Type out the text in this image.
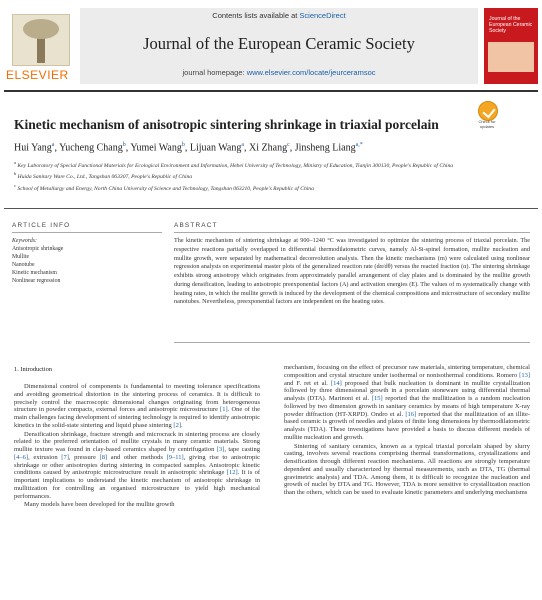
ELSEVIER
Contents lists available at ScienceDirect
Journal of the European Ceramic Society
journal homepage: www.elsevier.com/locate/jeurceramsoc
Journal of the European Ceramic Society
Kinetic mechanism of anisotropic sintering shrinkage in triaxial porcelain	Check for
updates
Hui Yang$^a$, Yucheng Chang$^b$, Yumei Wang$^b$, Lijuan Wang$^a$, Xi Zhang$^c$, Jinsheng Liang$^{a,*}$
$^a$ Key Laboratory of Special Functional Materials for Ecological Environment and Information, Hebei University of Technology, Ministry of Education, Tianjin 300130, People's Republic of China
$^b$ Huida Sanitary Ware Co., Ltd., Tangshan 063307, People's Republic of China
$^c$ School of Metallurgy and Energy, North China University of Science and Technology, Tangshan 063210, People's Republic of China
ARTICLE INFO	ABSTRACT
Keywords:
Anisotropic shrinkage
Mullite
Nanotube
Kinetic mechanism
Nonlinear regression
The kinetic mechanism of sintering shrinkage at 900–1240 °C was investigated to optimize the sintering process of triaxial porcelain. The respective reactions partially overlapped in differential thermodilatometric curves, namely Al-Si-spinel formation, mullite nucleation and mullite growth, were separated by mathematical deconvolution analysis. Then the kinetic mechanisms (m) were calculated using nonlinear regression analysis on experimental master plots of the generalized reaction rate (dα/dθ) versus the reacted fraction (α). The sintering shrinkage exhibits strong anisotropy which originates from approximately parallel arrangement of clay plates and is dominated by the mullite growth during densification, leading to anisotropic preexponential factors (A) and activation energies (E). The values of m systematically change with heating rates, in which the mullite growth is induced by the development of the chemical compositions and microstructure of secondary mullite nanotubes. Nevertheless, preexponential factors are independent on the heating rates.
1. Introduction

Dimensional control of components is fundamental to meeting tolerance specifications and avoiding geometrical distortion in the sintering process of ceramics. It is difficult to precisely control the macroscopic dimensional changes originating from heterogeneous structure in powder compacts, external forces and anisotropic microstructure [1]. One of the main challenges facing development of sintering technology is required to identify anisotropic kinetics in the solid-state sintering and liquid phase sintering [2].

Densification shrinkage, fracture strength and microcrack in sintering process are closely related to the preferred orientation of mullite crystals in many ceramic materials. Strong mullite texture was found in clay-based ceramics shaped by centrifugation [3], tape casting [4–6], extrusion [7], pressure [8] and other methods [9–11], giving rise to anisotropic shrinkage or other anisotropies during sintering in compacted samples. Anisotropic kinetic conditions caused by anisotropic microstructure result in anisotropic shrinkage [12]. It is of important implications to understand the kinetic mechanism of anisotropic shrinkage in mullitization for controlling an organised microstructure to yield high mechanical performances.

Many models have been developed for the mullite growth

mechanism, focusing on the effect of precursor raw materials, sintering temperature, chemical composition and crystal structure under isothermal or nonisothermal conditions. Romero [13] and F. ret et al. [14] proposed that bulk nucleation is dominant in mullite crystallization followed by three dimensional growth in a porcelain stoneware using differential thermal analysis (DTA). Marinoni et al. [15] reported that the mullitization is a random nucleation followed by two dimension growth in sanitary ceramics by means of high temperature X-ray powder diffraction (HT-XRPD). Ondro et al. [16] reported that the mullitization of an illite-based ceramic is growth of needles and plates of finite long dimensions by thermodilatometric analysis (TDA). These investigations have provided a basis to discuss different models of mullite nucleation and growth.

Sintering of sanitary ceramics, known as a typical triaxial porcelain shaped by slurry casting, involves several reactions comprising thermal transformations, crystallizations and densification through different reaction mechanisms. All reactions are strongly temperature dependent and usually characterized by thermal measurements, such as DTA, TG (thermal gravimetric analysis) and TDA. Among them, it is difficult to recognize the nucleation and growth of nuclei by DTA and TG. However, TDA is more sensitive to crystallization reaction than the others, which can be used to evaluate kinetic parameters and underlying mechanisms
